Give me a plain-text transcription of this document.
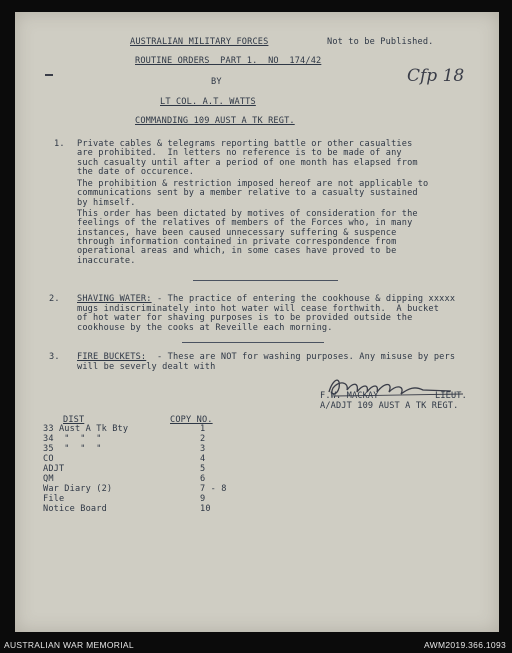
AUSTRALIAN MILITARY FORCES	Not to be Published.
ROUTINE ORDERS  PART 1.  NO  174/42
Cfp 18
BY
LT COL. A.T. WATTS
COMMANDING 109 AUST A TK REGT.
1. Private cables & telegrams reporting battle or other casualties
are prohibited.  In letters no reference is to be made of any
such casualty until after a period of one month has elapsed from
the date of occurence.
The prohibition & restriction imposed hereof are not applicable to
communications sent by a member relative to a casualty sustained
by himself.
This order has been dictated by motives of consideration for the
feelings of the relatives of members of the Forces who, in many
instances, have been caused unnecessary suffering & suspence
through information contained in private correspondence from
operational areas and which, in some cases have proved to be
inaccurate.
2. SHAVING WATER: - The practice of entering the cookhouse & dipping xxxxx
mugs indiscriminately into hot water will cease forthwith.  A bucket
of hot water for shaving purposes is to be provided outside the
cookhouse by the cooks at Reveille each morning.
3. FIRE BUCKETS: - These are NOT for washing purposes. Any misuse by pers
will be severly dealt with
F.W. MACKAY	LIEUT.
A/ADJT 109 AUST A TK REGT.
DIST	COPY NO.
33 Aust A Tk Bty	1
34  "  "  "	2
35  "  "  "	3
CO	4
ADJT	5
QM	6
War Diary (2)	7 - 8
File	9
Notice Board	10
AUSTRALIAN WAR MEMORIAL	AWM2019.366.1093
